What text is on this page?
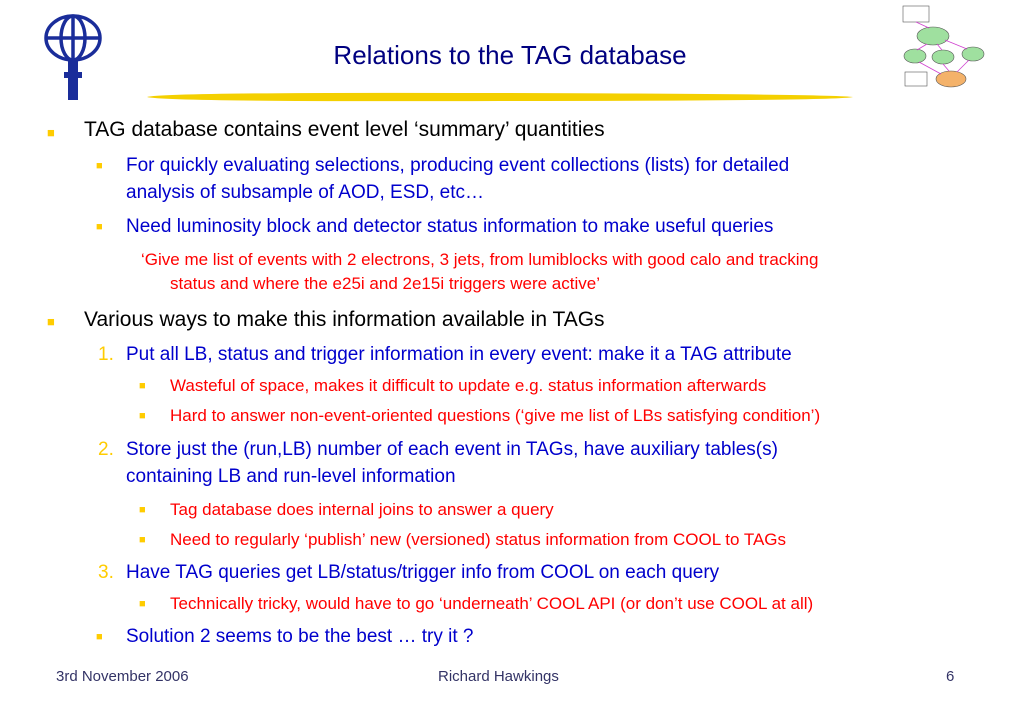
Relations to the TAG database
■ TAG database contains event level ‘summary’ quantities
■ For quickly evaluating selections, producing event collections (lists) for detailed
analysis of subsample of AOD, ESD, etc…
■ Need luminosity block and detector status information to make useful queries
‘Give me list of events with 2 electrons, 3 jets, from lumiblocks with good calo and tracking
status and where the e25i and 2e15i triggers were active’
■ Various ways to make this information available in TAGs
1. Put all LB, status and trigger information in every event: make it a TAG attribute
■ Wasteful of space, makes it difficult to update e.g. status information afterwards
■ Hard to answer non-event-oriented questions (‘give me list of LBs satisfying condition’)
2. Store just the (run,LB) number of each event in TAGs, have auxiliary tables(s)
containing LB and run-level information
■ Tag database does internal joins to answer a query
■ Need to regularly ‘publish’ new (versioned) status information from COOL to TAGs
3. Have TAG queries get LB/status/trigger info from COOL on each query
■ Technically tricky, would have to go ‘underneath’ COOL API (or don’t use COOL at all)
■ Solution 2 seems to be the best … try it ?
3rd November 2006	Richard Hawkings	6
